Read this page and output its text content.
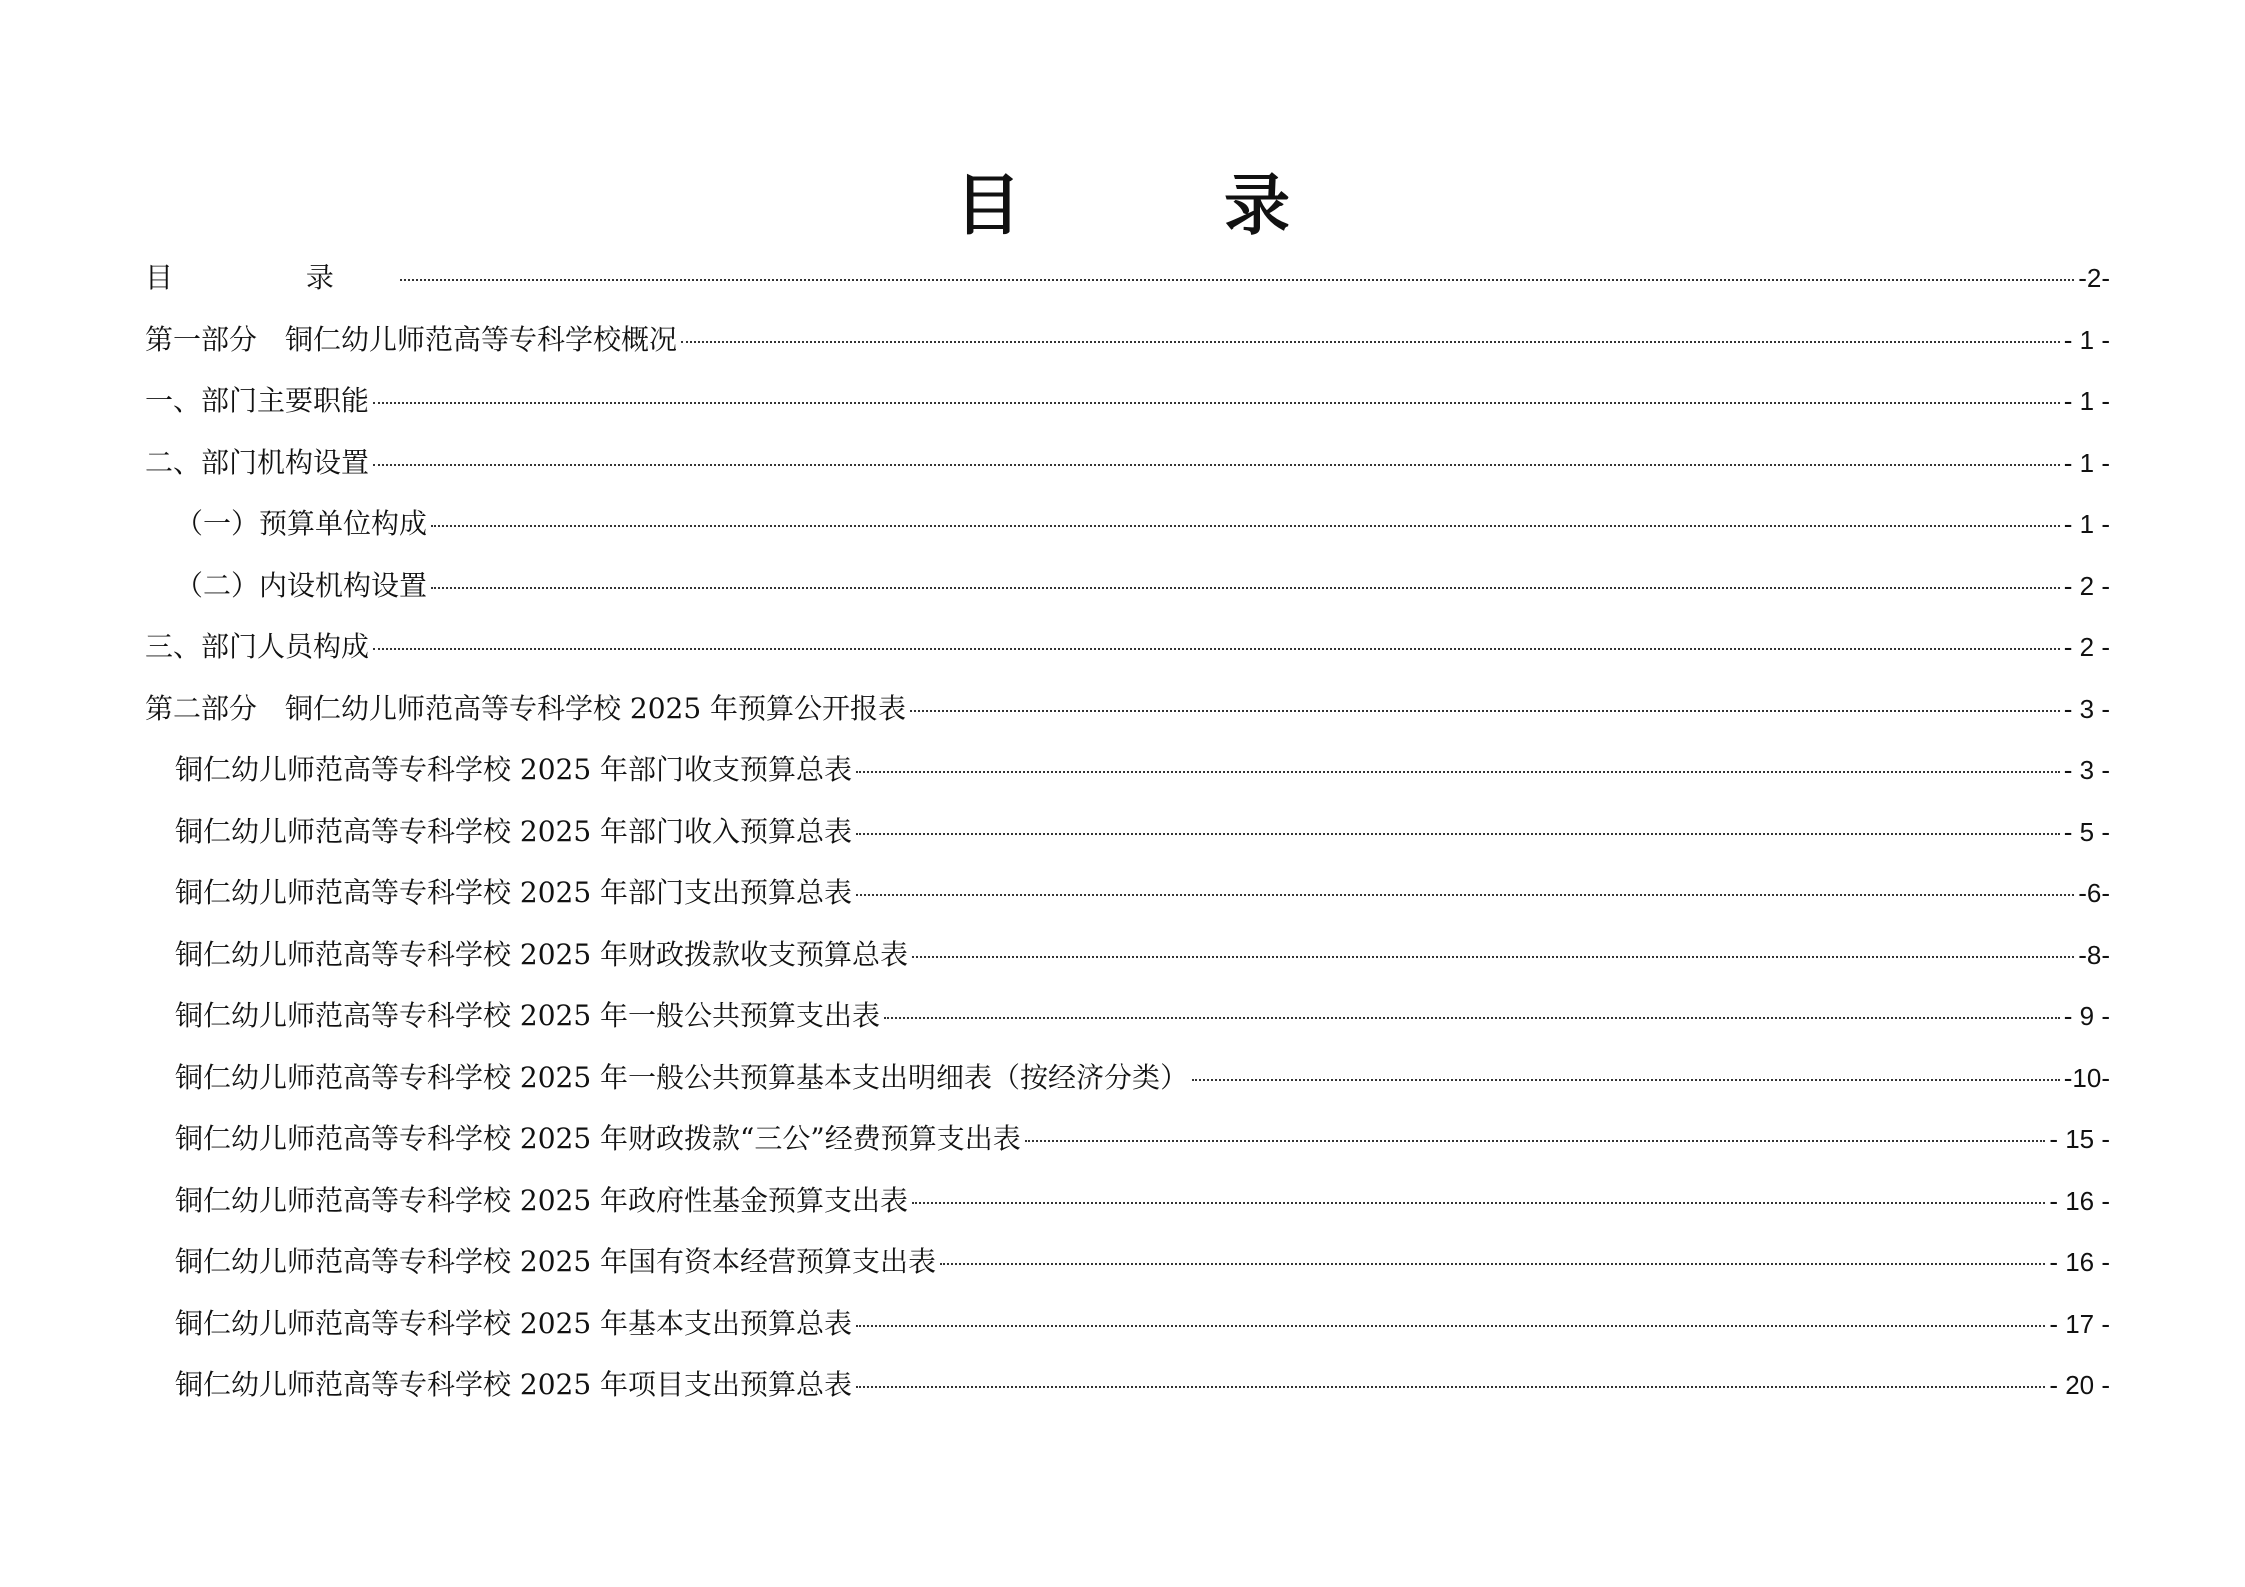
目 录
目 录	-2-
第一部分　铜仁幼儿师范高等专科学校概况	- 1 -
一、部门主要职能	- 1 -
二、部门机构设置	- 1 -
（一）预算单位构成	- 1 -
（二）内设机构设置	- 2 -
三、部门人员构成	- 2 -
第二部分　铜仁幼儿师范高等专科学校 2025 年预算公开报表	- 3 -
铜仁幼儿师范高等专科学校 2025 年部门收支预算总表	- 3 -
铜仁幼儿师范高等专科学校 2025 年部门收入预算总表	- 5 -
铜仁幼儿师范高等专科学校 2025 年部门支出预算总表	-6-
铜仁幼儿师范高等专科学校 2025 年财政拨款收支预算总表	-8-
铜仁幼儿师范高等专科学校 2025 年一般公共预算支出表	- 9 -
铜仁幼儿师范高等专科学校 2025 年一般公共预算基本支出明细表（按经济分类）	-10-
铜仁幼儿师范高等专科学校 2025 年财政拨款“三公”经费预算支出表	- 15 -
铜仁幼儿师范高等专科学校 2025 年政府性基金预算支出表	- 16 -
铜仁幼儿师范高等专科学校 2025 年国有资本经营预算支出表	- 16 -
铜仁幼儿师范高等专科学校 2025 年基本支出预算总表	- 17 -
铜仁幼儿师范高等专科学校 2025 年项目支出预算总表	- 20 -
